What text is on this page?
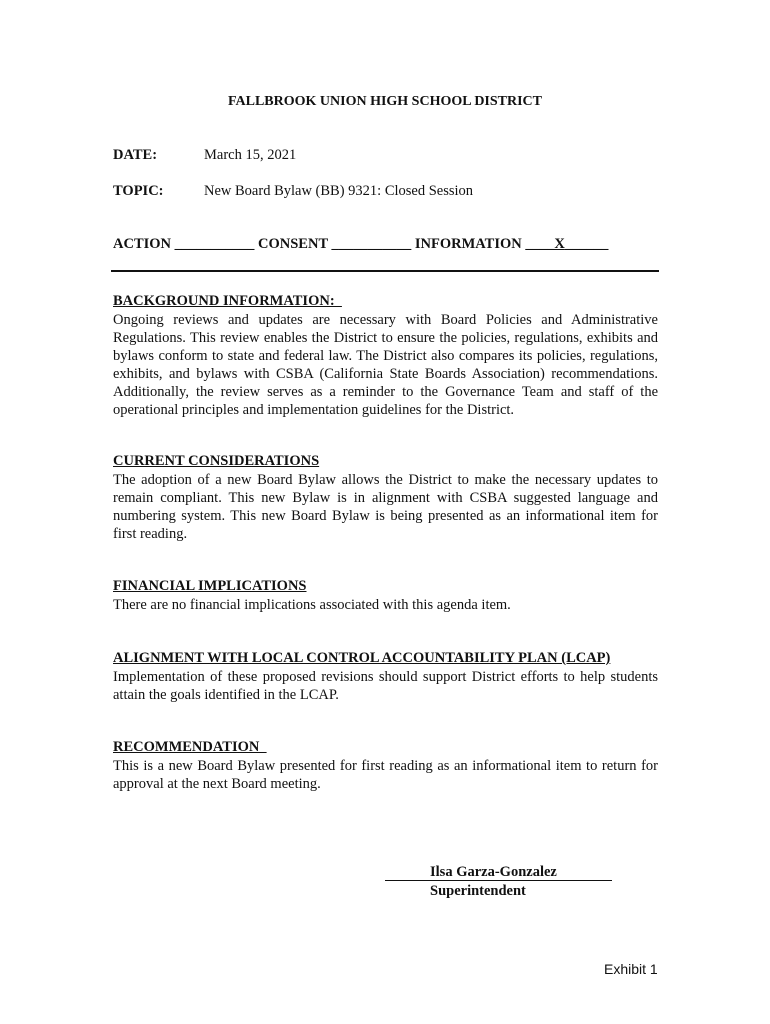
FALLBROOK UNION HIGH SCHOOL DISTRICT
DATE:	March 15, 2021
TOPIC:	New Board Bylaw (BB) 9321: Closed Session
ACTION ___________ CONSENT ___________ INFORMATION ____X______
BACKGROUND INFORMATION:
Ongoing reviews and updates are necessary with Board Policies and Administrative Regulations. This review enables the District to ensure the policies, regulations, exhibits and bylaws conform to state and federal law. The District also compares its policies, regulations, exhibits, and bylaws with CSBA (California State Boards Association) recommendations. Additionally, the review serves as a reminder to the Governance Team and staff of the operational principles and implementation guidelines for the District.
CURRENT CONSIDERATIONS
The adoption of a new Board Bylaw allows the District to make the necessary updates to remain compliant. This new Bylaw is in alignment with CSBA suggested language and numbering system. This new Board Bylaw is being presented as an informational item for first reading.
FINANCIAL IMPLICATIONS
There are no financial implications associated with this agenda item.
ALIGNMENT WITH LOCAL CONTROL ACCOUNTABILITY PLAN (LCAP)
Implementation of these proposed revisions should support District efforts to help students attain the goals identified in the LCAP.
RECOMMENDATION
This is a new Board Bylaw presented for first reading as an informational item to return for approval at the next Board meeting.
Ilsa Garza-Gonzalez
Superintendent
Exhibit 1
